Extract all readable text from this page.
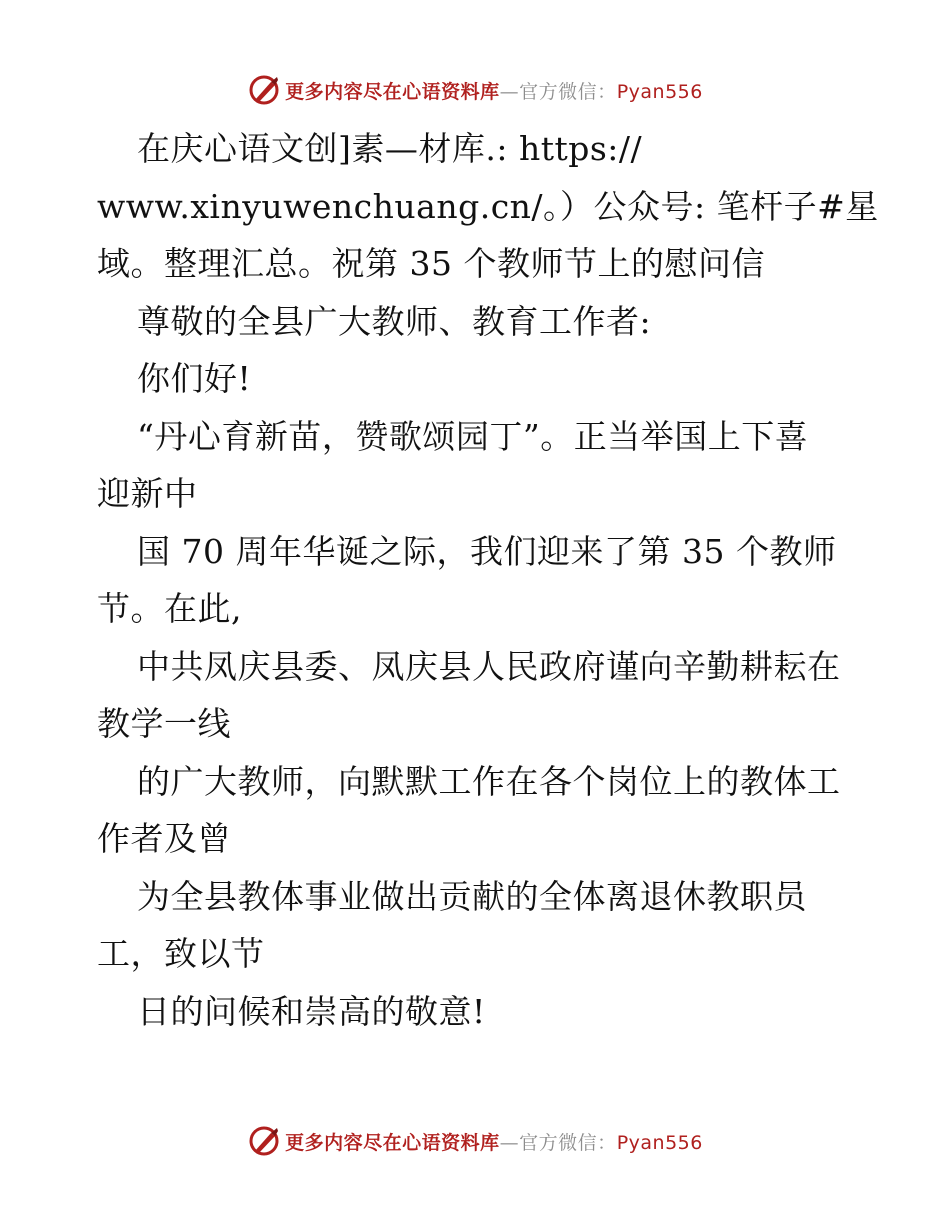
更多内容尽在心语资料库—官方微信：Pyan556
在庆心语文创]素—材库.: https://
www.xinyuwenchuang.cn/。）公众号: 笔杆子#星
域。整理汇总。祝第 35 个教师节上的慰问信
尊敬的全县广大教师、教育工作者:
你们好!
“丹心育新苗，赞歌颂园丁”。正当举国上下喜
迎新中
国 70 周年华诞之际，我们迎来了第 35 个教师
节。在此,
中共凤庆县委、凤庆县人民政府谨向辛勤耕耘在
教学一线
的广大教师，向默默工作在各个岗位上的教体工
作者及曾
为全县教体事业做出贡献的全体离退休教职员
工，致以节
日的问候和崇高的敬意!
更多内容尽在心语资料库—官方微信：Pyan556
